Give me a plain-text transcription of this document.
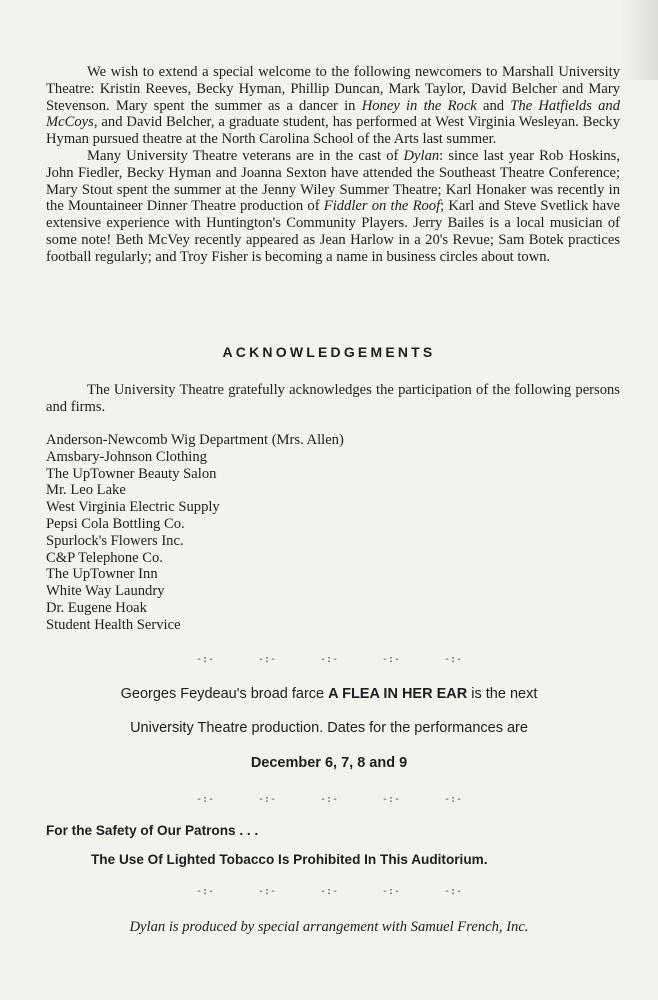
We wish to extend a special welcome to the following newcomers to Marshall University Theatre: Kristin Reeves, Becky Hyman, Phillip Duncan, Mark Taylor, David Belcher and Mary Stevenson. Mary spent the summer as a dancer in Honey in the Rock and The Hatfields and McCoys, and David Belcher, a graduate student, has performed at West Virginia Wesleyan. Becky Hyman pursued theatre at the North Carolina School of the Arts last summer.

Many University Theatre veterans are in the cast of Dylan: since last year Rob Hoskins, John Fiedler, Becky Hyman and Joanna Sexton have attended the Southeast Theatre Conference; Mary Stout spent the summer at the Jenny Wiley Summer Theatre; Karl Honaker was recently in the Mountaineer Dinner Theatre production of Fiddler on the Roof; Karl and Steve Svetlick have extensive experience with Huntington's Community Players. Jerry Bailes is a local musician of some note! Beth McVey recently appeared as Jean Harlow in a 20's Revue; Sam Botek practices football regularly; and Troy Fisher is becoming a name in business circles about town.

ACKNOWLEDGEMENTS

The University Theatre gratefully acknowledges the participation of the following persons and firms.

Anderson-Newcomb Wig Department (Mrs. Allen)
Amsbary-Johnson Clothing
The UpTowner Beauty Salon
Mr. Leo Lake
West Virginia Electric Supply
Pepsi Cola Bottling Co.
Spurlock's Flowers Inc.
C&P Telephone Co.
The UpTowner Inn
White Way Laundry
Dr. Eugene Hoak
Student Health Service
-:-	-:-	-:-	-:-	-:-
Georges Feydeau's broad farce A FLEA IN HER EAR is the next
University Theatre production. Dates for the performances are
December 6, 7, 8 and 9
-:-	-:-	-:-	-:-	-:-
For the Safety of Our Patrons . . .
The Use Of Lighted Tobacco Is Prohibited In This Auditorium.
-:-	-:-	-:-	-:-	-:-
Dylan is produced by special arrangement with Samuel French, Inc.
